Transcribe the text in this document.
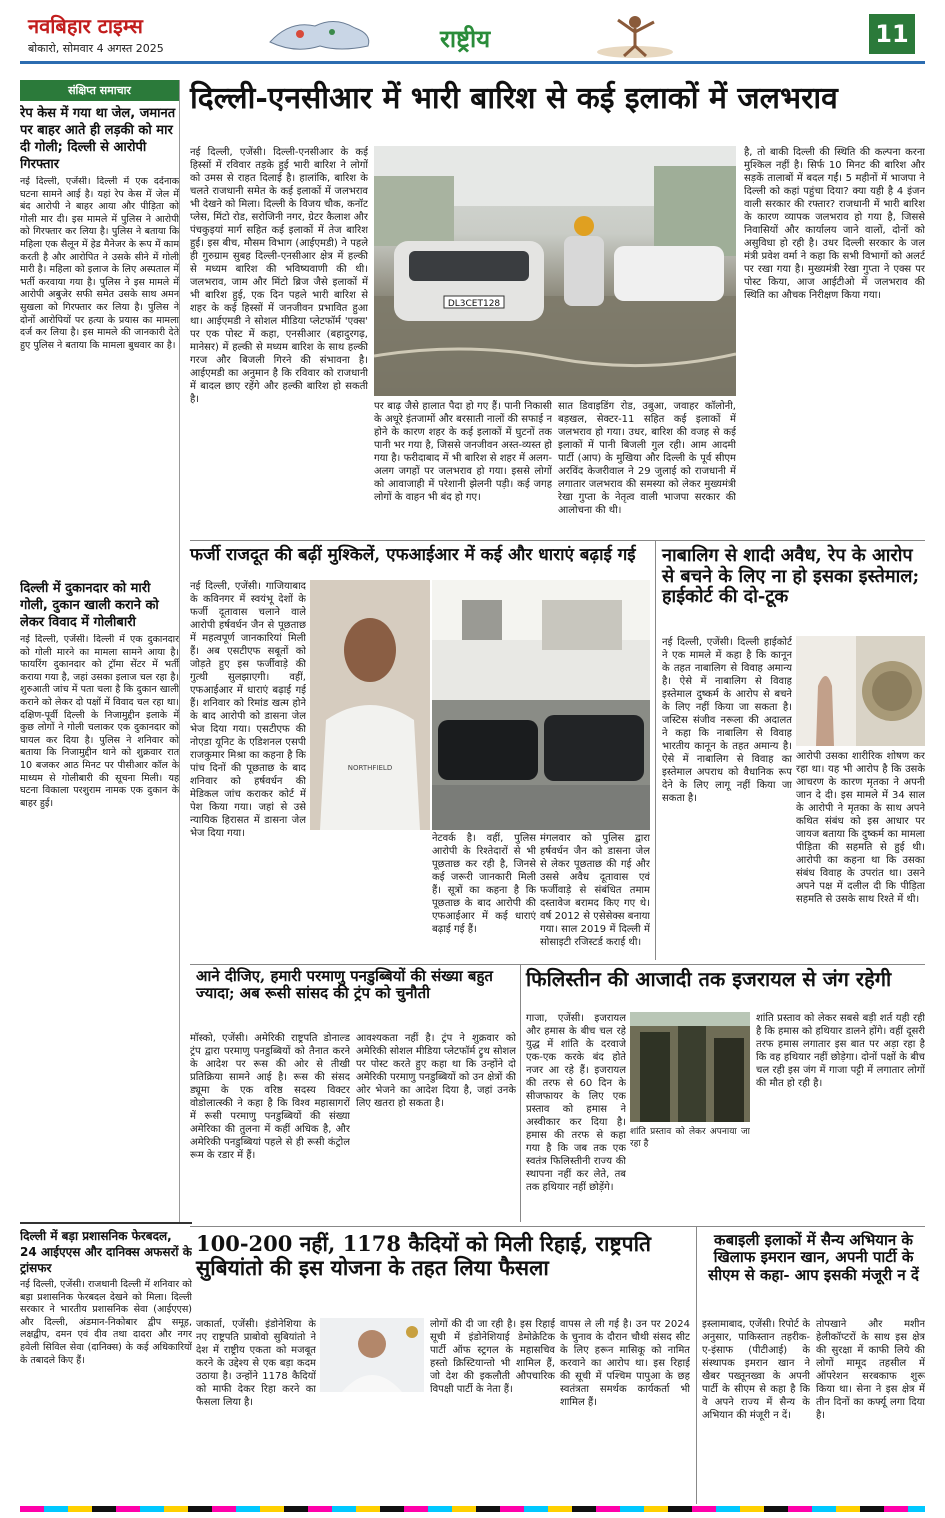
नवबिहार टाइम्स
बोकारो, सोमवार 4 अगस्त 2025	राष्ट्रीय	11
संक्षिप्त समाचार
रेप केस में गया था जेल, जमानत पर बाहर आते ही लड़की को मार दी गोली; दिल्ली से आरोपी गिरफ्तार
नई दिल्ली, एजेंसी। दिल्ली में एक दर्दनाक घटना सामने आई है। यहां रेप केस में जेल में बंद आरोपी ने बाहर आया और पीड़िता को गोली मार दी। इस मामले में पुलिस ने आरोपी को गिरफ्तार कर लिया है। पुलिस ने बताया कि महिला एक सैलून में हेड मैनेजर के रूप में काम करती है और आरोपित ने उसके सीने में गोली मारी है। महिला को इलाज के लिए अस्पताल में भर्ती करवाया गया है। पुलिस ने इस मामले में आरोपी अबुजेर सफी समेत उसके साथ अमन सुखला को गिरफ्तार कर लिया है। पुलिस ने दोनों आरोपियों पर हत्या के प्रयास का मामला दर्ज कर लिया है। इस मामले की जानकारी देते हुए पुलिस ने बताया कि मामला बुधवार का है।
दिल्ली में दुकानदार को मारी गोली, दुकान खाली कराने को लेकर विवाद में गोलीबारी
नई दिल्ली, एजेंसी। दिल्ली में एक दुकानदार को गोली मारने का मामला सामने आया है। फायरिंग दुकानदार को ट्रॉमा सेंटर में भर्ती कराया गया है, जहां उसका इलाज चल रहा है। शुरुआती जांच में पता चला है कि दुकान खाली कराने को लेकर दो पक्षों में विवाद चल रहा था। दक्षिण-पूर्वी दिल्ली के निजामुद्दीन इलाके में कुछ लोगों ने गोली चलाकर एक दुकानदार को घायल कर दिया है। पुलिस ने शनिवार को बताया कि निजामुद्दीन थाने को शुक्रवार रात 10 बजकर आठ मिनट पर पीसीआर कॉल के माध्यम से गोलीबारी की सूचना मिली। यह घटना विकाला परशुराम नामक एक दुकान के बाहर हुई।
दिल्ली में बड़ा प्रशासनिक फेरबदल, 24 आईएएस और दानिक्स अफसरों के ट्रांसफर
नई दिल्ली, एजेंसी। राजधानी दिल्ली में शनिवार को बड़ा प्रशासनिक फेरबदल देखने को मिला। दिल्ली सरकार ने भारतीय प्रशासनिक सेवा (आईएएस) और दिल्ली, अंडमान-निकोबार द्वीप समूह, लक्षद्वीप, दमन एवं दीव तथा दादरा और नगर हवेली सिविल सेवा (दानिक्स) के कई अधिकारियों के तबादले किए हैं।
दिल्ली-एनसीआर में भारी बारिश से कई इलाकों में जलभराव
नई दिल्ली, एजेंसी। दिल्ली-एनसीआर के कई हिस्सों में रविवार तड़के हुई भारी बारिश ने लोगों को उमस से राहत दिलाई है। हालांकि, बारिश के चलते राजधानी समेत के कई इलाकों में जलभराव भी देखने को मिला। दिल्ली के विजय चौक, कनॉट प्लेस, मिंटो रोड, सरोजिनी नगर, ग्रेटर कैलाश और पंचकुइयां मार्ग सहित कई इलाकों में तेज बारिश हुई। इस बीच, मौसम विभाग (आईएमडी) ने पहले ही गुरुग्राम सुबह दिल्ली-एनसीआर क्षेत्र में हल्की से मध्यम बारिश की भविष्यवाणी की थी। जलभराव, जाम और मिंटो ब्रिज जैसे इलाकों में भी बारिश हुई, एक दिन पहले भारी बारिश से शहर के कई हिस्सों में जनजीवन प्रभावित हुआ था। आईएमडी ने सोशल मीडिया प्लेटफॉर्म 'एक्स' पर एक पोस्ट में कहा, एनसीआर (बहादुरगढ़, मानेसर) में हल्की से मध्यम बारिश के साथ हल्की गरज और बिजली गिरने की संभावना है। आईएमडी का अनुमान है कि रविवार को राजधानी में बादल छाए रहेंगे और हल्की बारिश हो सकती है।
DL3CET128
पर बाढ़ जैसे हालात पैदा हो गए हैं। पानी निकासी के अधूरे इंतजामों और बरसाती नालों की सफाई न होने के कारण शहर के कई इलाकों में घुटनों तक पानी भर गया है, जिससे जनजीवन अस्त-व्यस्त हो गया है। फरीदाबाद में भी बारिश से शहर में अलग-अलग जगहों पर जलभराव हो गया। इससे लोगों को आवाजाही में परेशानी झेलनी पड़ी। कई जगह लोगों के वाहन भी बंद हो गए।
सात डिवाइडिंग रोड, उबुआ, जवाहर कॉलोनी, बड़खल, सेक्टर-11 सहित कई इलाकों में जलभराव हो गया। उधर, बारिश की वजह से कई इलाकों में पानी बिजली गुल रही। आम आदमी पार्टी (आप) के मुखिया और दिल्ली के पूर्व सीएम अरविंद केजरीवाल ने 29 जुलाई को राजधानी में लगातार जलभराव की समस्या को लेकर मुख्यमंत्री रेखा गुप्ता के नेतृत्व वाली भाजपा सरकार की आलोचना की थी।
है, तो बाकी दिल्ली की स्थिति की कल्पना करना मुश्किल नहीं है। सिर्फ 10 मिनट की बारिश और सड़कें तालाबों में बदल गईं। 5 महीनों में भाजपा ने दिल्ली को कहां पहुंचा दिया? क्या यही है 4 इंजन वाली सरकार की रफ्तार? राजधानी में भारी बारिश के कारण व्यापक जलभराव हो गया है, जिससे निवासियों और कार्यालय जाने वालों, दोनों को असुविधा हो रही है। उधर दिल्ली सरकार के जल मंत्री प्रवेश वर्मा ने कहा कि सभी विभागों को अलर्ट पर रखा गया है। मुख्यमंत्री रेखा गुप्ता ने एक्स पर पोस्ट किया, आज आईटीओ में जलभराव की स्थिति का औचक निरीक्षण किया गया।
फर्जी राजदूत की बढ़ीं मुश्किलें, एफआईआर में कई और धाराएं बढ़ाई गई
नई दिल्ली, एजेंसी। गाजियाबाद के कविनगर में स्वयंभू देशों के फर्जी दूतावास चलाने वाले आरोपी हर्षवर्धन जैन से पूछताछ में महत्वपूर्ण जानकारियां मिली हैं। अब एसटीएफ सबूतों को जोड़ते हुए इस फर्जीवाड़े की गुत्थी सुलझाएगी। वहीं, एफआईआर में धाराएं बढ़ाई गई हैं। शनिवार को रिमांड खत्म होने के बाद आरोपी को डासना जेल भेज दिया गया। एसटीएफ की नोएडा यूनिट के एडिशनल एसपी राजकुमार मिश्रा का कहना है कि पांच दिनों की पूछताछ के बाद शनिवार को हर्षवर्धन की मेडिकल जांच कराकर कोर्ट में पेश किया गया। जहां से उसे न्यायिक हिरासत में डासना जेल भेज दिया गया।
NORTHFIELD
नेटवर्क है। वहीं, पुलिस आरोपी के रिश्तेदारों से भी पूछताछ कर रही है, जिनसे कई जरूरी जानकारी मिली हैं। सूत्रों का कहना है कि पूछताछ के बाद आरोपी की एफआईआर में कई धाराएं बढ़ाई गई हैं।
मंगलवार को पुलिस द्वारा हर्षवर्धन जैन को डासना जेल से लेकर पूछताछ की गई और उससे अवैध दूतावास एवं फर्जीवाड़े से संबंधित तमाम दस्तावेज बरामद किए गए थे। वर्ष 2012 से एसेसेक्स बनाया गया। साल 2019 में दिल्ली में सोसाइटी रजिस्टर्ड कराई थी।
नाबालिग से शादी अवैध, रेप के आरोप से बचने के लिए ना हो इसका इस्तेमाल; हाईकोर्ट की दो-टूक
नई दिल्ली, एजेंसी। दिल्ली हाईकोर्ट ने एक मामले में कहा है कि कानून के तहत नाबालिग से विवाह अमान्य है। ऐसे में नाबालिग से विवाह इस्तेमाल दुष्कर्म के आरोप से बचने के लिए नहीं किया जा सकता है। जस्टिस संजीव नरूला की अदालत ने कहा कि नाबालिग से विवाह भारतीय कानून के तहत अमान्य है। ऐसे में नाबालिग से विवाह का इस्तेमाल अपराध को वैधानिक रूप देने के लिए लागू नहीं किया जा सकता है।
आरोपी उसका शारीरिक शोषण कर रहा था। यह भी आरोप है कि उसके आचरण के कारण मृतका ने अपनी जान दे दी। इस मामले में 34 साल के आरोपी ने मृतका के साथ अपने कथित संबंध को इस आधार पर जायज बताया कि दुष्कर्म का मामला पीड़िता की सहमति से हुई थी। आरोपी का कहना था कि उसका संबंध विवाह के उपरांत था। उसने अपने पक्ष में दलील दी कि पीड़िता सहमति से उसके साथ रिश्ते में थी।
आने दीजिए, हमारी परमाणु पनडुब्बियों की संख्या बहुत ज्यादा; अब रूसी सांसद की ट्रंप को चुनौती
मॉस्को, एजेंसी। अमेरिकी राष्ट्रपति डोनाल्ड ट्रंप द्वारा परमाणु पनडुब्बियों को तैनात करने के आदेश पर रूस की ओर से तीखी प्रतिक्रिया सामने आई है। रूस की संसद ड्यूमा के एक वरिष्ठ सदस्य विक्टर वोडोलात्स्की ने कहा है कि विश्व महासागरों में रूसी परमाणु पनडुब्बियों की संख्या अमेरिका की तुलना में कहीं अधिक है, और अमेरिकी पनडुब्बियां पहले से ही रूसी कंट्रोल रूम के रडार में हैं।
आवश्यकता नहीं है। ट्रंप ने शुक्रवार को अमेरिकी सोशल मीडिया प्लेटफॉर्म ट्रुथ सोशल पर पोस्ट करते हुए कहा था कि उन्होंने दो अमेरिकी परमाणु पनडुब्बियों को उन क्षेत्रों की ओर भेजने का आदेश दिया है, जहां उनके लिए खतरा हो सकता है।
फिलिस्तीन की आजादी तक इजरायल से जंग रहेगी
गाजा, एजेंसी। इजरायल और हमास के बीच चल रहे युद्ध में शांति के दरवाजे एक-एक करके बंद होते नजर आ रहे हैं। इजरायल की तरफ से 60 दिन के सीजफायर के लिए एक प्रस्ताव को हमास ने अस्वीकार कर दिया है। हमास की तरफ से कहा गया है कि जब तक एक स्वतंत्र फिलिस्तीनी राज्य की स्थापना नहीं कर लेते, तब तक हथियार नहीं छोड़ेंगे।
शांति प्रस्ताव को लेकर अपनाया जा रहा है
शांति प्रस्ताव को लेकर सबसे बड़ी शर्त यही रही है कि हमास को हथियार डालने होंगे। वहीं दूसरी तरफ हमास लगातार इस बात पर अड़ा रहा है कि वह हथियार नहीं छोड़ेगा। दोनों पक्षों के बीच चल रही इस जंग में गाजा पट्टी में लगातार लोगों की मौत हो रही है।
100-200 नहीं, 1178 कैदियों को मिली रिहाई, राष्ट्रपति सुबियांतो की इस योजना के तहत लिया फैसला
जकार्ता, एजेंसी। इंडोनेशिया के नए राष्ट्रपति प्राबोवो सुबियांतो ने देश में राष्ट्रीय एकता को मजबूत करने के उद्देश्य से एक बड़ा कदम उठाया है। उन्होंने 1178 कैदियों को माफी देकर रिहा करने का फैसला लिया है।
लोगों की दी जा रही है। इस रिहाई सूची में इंडोनेशियाई डेमोक्रेटिक पार्टी ऑफ स्ट्रगल के महासचिव हस्तो क्रिस्टियान्तो भी शामिल हैं, जो देश की इकलौती औपचारिक विपक्षी पार्टी के नेता हैं।
वापस ले ली गई है। उन पर 2024 के चुनाव के दौरान चौथी संसद सीट के लिए हरून मासिकू को नामित करवाने का आरोप था। इस रिहाई की सूची में पश्चिम पापुआ के छह स्वतंत्रता समर्थक कार्यकर्ता भी शामिल हैं।
कबाइली इलाकों में सैन्य अभियान के खिलाफ इमरान खान, अपनी पार्टी के सीएम से कहा- आप इसकी मंजूरी न दें
इस्लामाबाद, एजेंसी। रिपोर्ट के अनुसार, पाकिस्तान तहरीक-ए-इंसाफ (पीटीआई) के संस्थापक इमरान खान ने खैबर पख्तूनख्वा के अपनी पार्टी के सीएम से कहा है कि वे अपने राज्य में सैन्य के अभियान की मंजूरी न दें।
तोपखाने और मशीन हेलीकॉप्टरों के साथ इस क्षेत्र की सुरक्षा में काफी लिये की लोगों मामूद तहसील में ऑपरेशन सरबकाफ शुरू किया था। सेना ने इस क्षेत्र में तीन दिनों का कर्फ्यू लगा दिया है।
